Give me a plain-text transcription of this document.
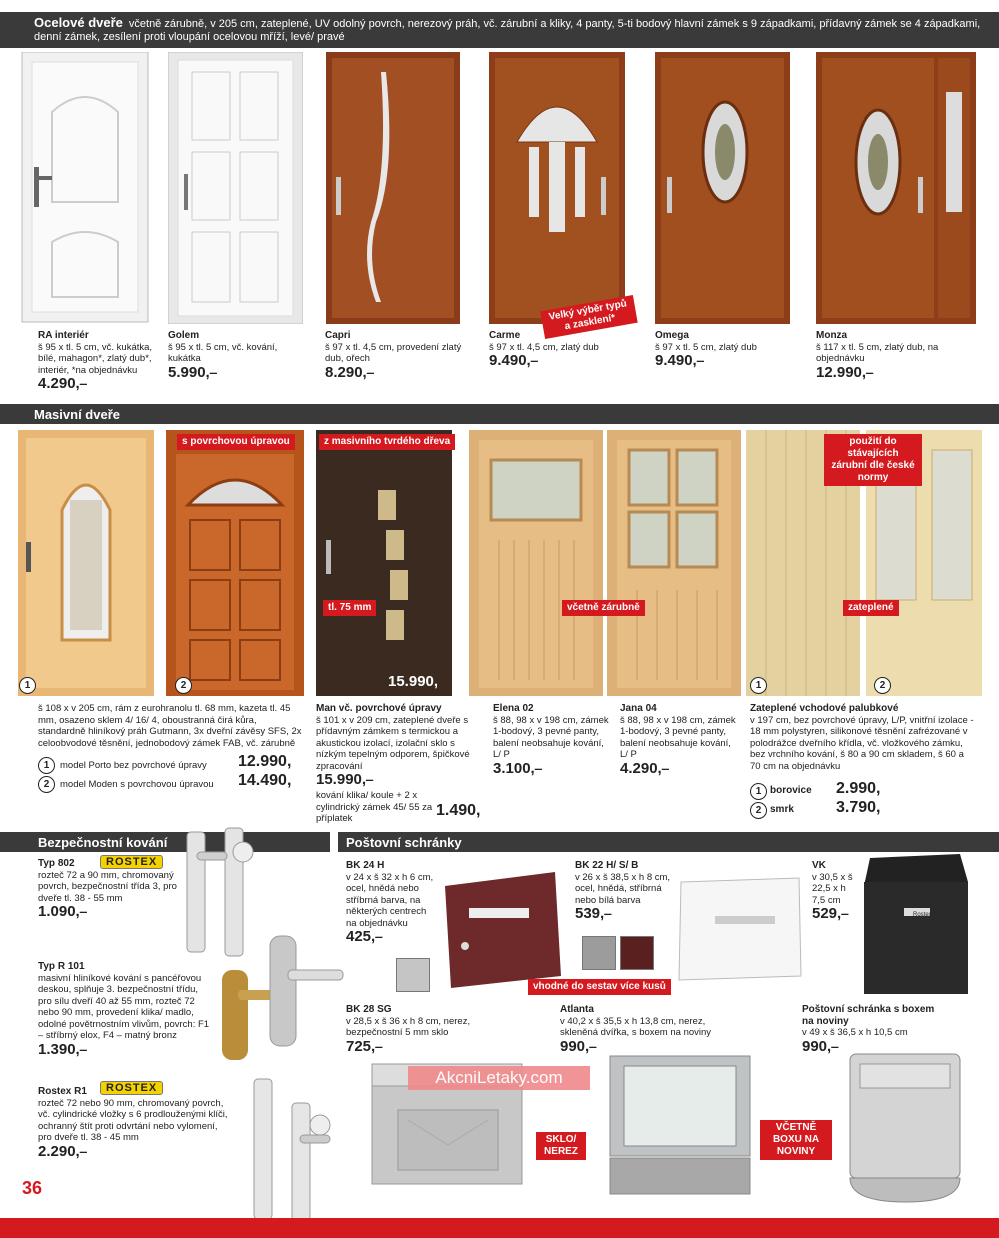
Ocelové dveře včetně zárubně, v 205 cm, zateplené, UV odolný povrch, nerezový práh, vč. zárubní a kliky, 4 panty, 5-ti bodový hlavní zámek s 9 západkami, přídavný zámek se 4 západkami, denní zámek, zesílení proti vloupání ocelovou mříží, levé/ pravé
Velký výběr typů a zasklení*
RA interiér
š 95 x tl. 5 cm, vč. kukátka, bílé, mahagon*, zlatý dub*, interiér, *na objednávku
4.290, ‒
Golem
š 95 x tl. 5 cm, vč. kování, kukátka
5.990, ‒
Capri
š 97 x tl. 4,5 cm, provedení zlatý dub, ořech
8.290, ‒
Carme
š 97 x tl. 4,5 cm, zlatý dub
9.490, ‒
Omega
š 97 x tl. 5 cm, zlatý dub
9.490, ‒
Monza
š 117 x tl. 5 cm, zlatý dub, na objednávku
12.990, ‒
Masivní dveře
s povrchovou úpravou	z masivního tvrdého dřeva
tl. 75 mm
15.990,
včetně zárubně
použití do stávajících zárubní dle české normy
zateplené
1	2	1	2
š 108 x v 205 cm, rám z eurohranolu tl. 68 mm, kazeta tl. 45 mm, osazeno sklem 4/ 16/ 4, oboustranná čirá kůra, standardně hliníkový práh Gutmann, 3x dveřní závěsy SFS, 2x celoobvodové těsnění, jednobodový zámek FAB, vč. zárubně
1	model Porto bez povrchové úpravy 12.990,
2	model Moden s povrchovou úpravou 14.490,
Man vč. povrchové úpravy
š 101 x v 209 cm, zateplené dveře s přídavným zámkem s termickou a akustickou izolací, izolační sklo s nízkým tepelným odporem, špičkové zpracování
15.990, ‒
kování klika/ koule + 2 x cylindrický zámek 45/ 55 za příplatek	1.490,
Elena 02
š 88, 98 x v 198 cm, zámek 1-bodový, 3 pevné panty, balení neobsahuje kování, L/ P
3.100, ‒
Jana 04
š 88, 98 x v 198 cm, zámek 1-bodový, 3 pevné panty, balení neobsahuje kování, L/ P
4.290, ‒
Zateplené vchodové palubkové
v 197 cm, bez povrchové úpravy, L/P, vnitřní izolace - 18 mm polystyren, silikonové těsnění zafrézované v polodrážce dveřního křídla, vč. vložkového zámku, bez vrchního kování, š 80 a 90 cm skladem, š 60 a 70 cm na objednávku
1 borovice 2.990,
2 smrk	3.790,
Bezpečnostní kování	Poštovní schránky
Typ 802
rozteč 72 a 90 mm, chromovaný povrch, bezpečnostní třída 3, pro dveře tl. 38 - 55 mm
1.090, ‒
ROSTEX
Typ R 101
masivní hliníkové kování s pancéřovou deskou, splňuje 3. bezpečnostní třídu, pro sílu dveří 40 až 55 mm, rozteč 72 nebo 90 mm, provedení klika/ madlo, odolné povětrnostním vlivům, povrch: F1 – stříbrný elox, F4 – matný bronz
1.390, ‒
Rostex R1
rozteč 72 nebo 90 mm, chromovaný povrch, vč. cylindrické vložky s 6 prodlouženými klíči, ochranný štít proti odvrtání nebo vylomení, pro dveře tl. 38 - 45 mm
2.290, ‒
ROSTEX
BK 24 H
v 24 x š 32 x h 6 cm, ocel, hnědá nebo stříbrná barva, na některých centrech na objednávku
425, ‒
BK 22 H/ S/ B
v 26 x š 38,5 x h 8 cm, ocel, hnědá, stříbrná nebo bílá barva
539, ‒
VK
v 30,5 x š 22,5 x h 7,5 cm
529, ‒
BK 28 SG
v 28,5 x š 36 x h 8 cm, nerez, bezpečnostní 5 mm sklo
725, ‒
Atlanta
v 40,2 x š 35,5 x h 13,8 cm, nerez, skleněná dvířka, s boxem na noviny
990, ‒
Poštovní schránka s boxem na noviny
v 49 x š 36,5 x h 10,5 cm
990, ‒
Rostex
vhodné do sestav více kusů
SKLO/ NEREZ
VČETNĚ BOXU NA NOVINY
AkcniLetaky.com
36
